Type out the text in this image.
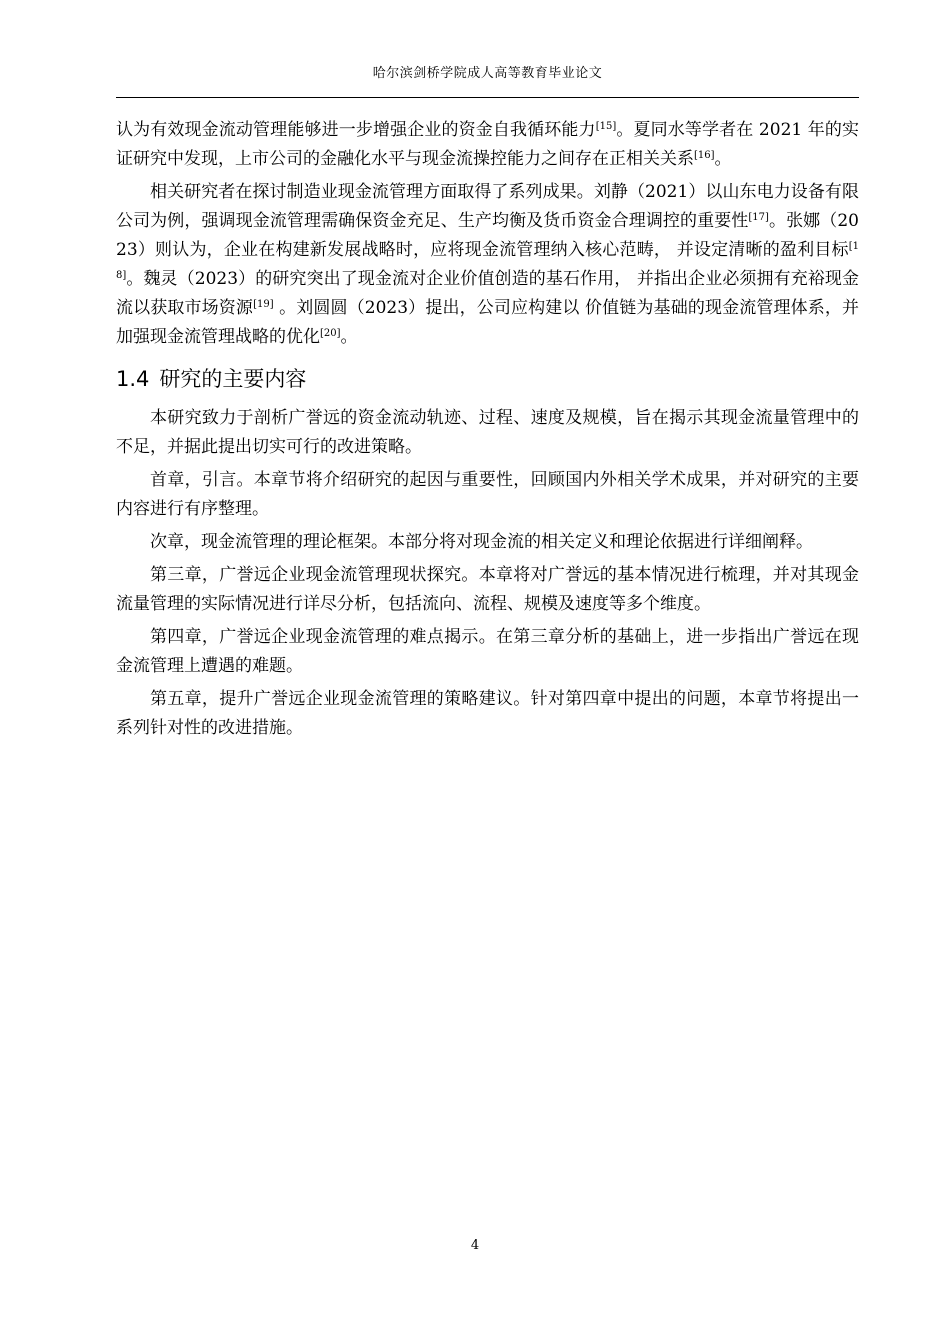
哈尔滨剑桥学院成人高等教育毕业论文

认为有效现金流动管理能够进一步增强企业的资金自我循环能力[15]。夏同水等学者在 2021 年的实证研究中发现，上市公司的金融化水平与现金流操控能力之间存在正相关关系[16]。

相关研究者在探讨制造业现金流管理方面取得了系列成果。刘静（2021）以山东电力设备有限公司为例，强调现金流管理需确保资金充足、生产均衡及货币资金合理调控的重要性[17]。张娜（2023）则认为，企业在构建新发展战略时，应将现金流管理纳入核心范畴， 并设定清晰的盈利目标[18]。魏灵（2023）的研究突出了现金流对企业价值创造的基石作用， 并指出企业必须拥有充裕现金流以获取市场资源[19] 。刘圆圆（2023）提出，公司应构建以 价值链为基础的现金流管理体系，并加强现金流管理战略的优化[20]。

1.4 研究的主要内容

本研究致力于剖析广誉远的资金流动轨迹、过程、速度及规模，旨在揭示其现金流量管理中的不足，并据此提出切实可行的改进策略。

首章，引言。本章节将介绍研究的起因与重要性，回顾国内外相关学术成果，并对研究的主要内容进行有序整理。

次章，现金流管理的理论框架。本部分将对现金流的相关定义和理论依据进行详细阐释。

第三章，广誉远企业现金流管理现状探究。本章将对广誉远的基本情况进行梳理，并对其现金流量管理的实际情况进行详尽分析，包括流向、流程、规模及速度等多个维度。

第四章，广誉远企业现金流管理的难点揭示。在第三章分析的基础上，进一步指出广誉远在现金流管理上遭遇的难题。

第五章，提升广誉远企业现金流管理的策略建议。针对第四章中提出的问题，本章节将提出一系列针对性的改进措施。

4
